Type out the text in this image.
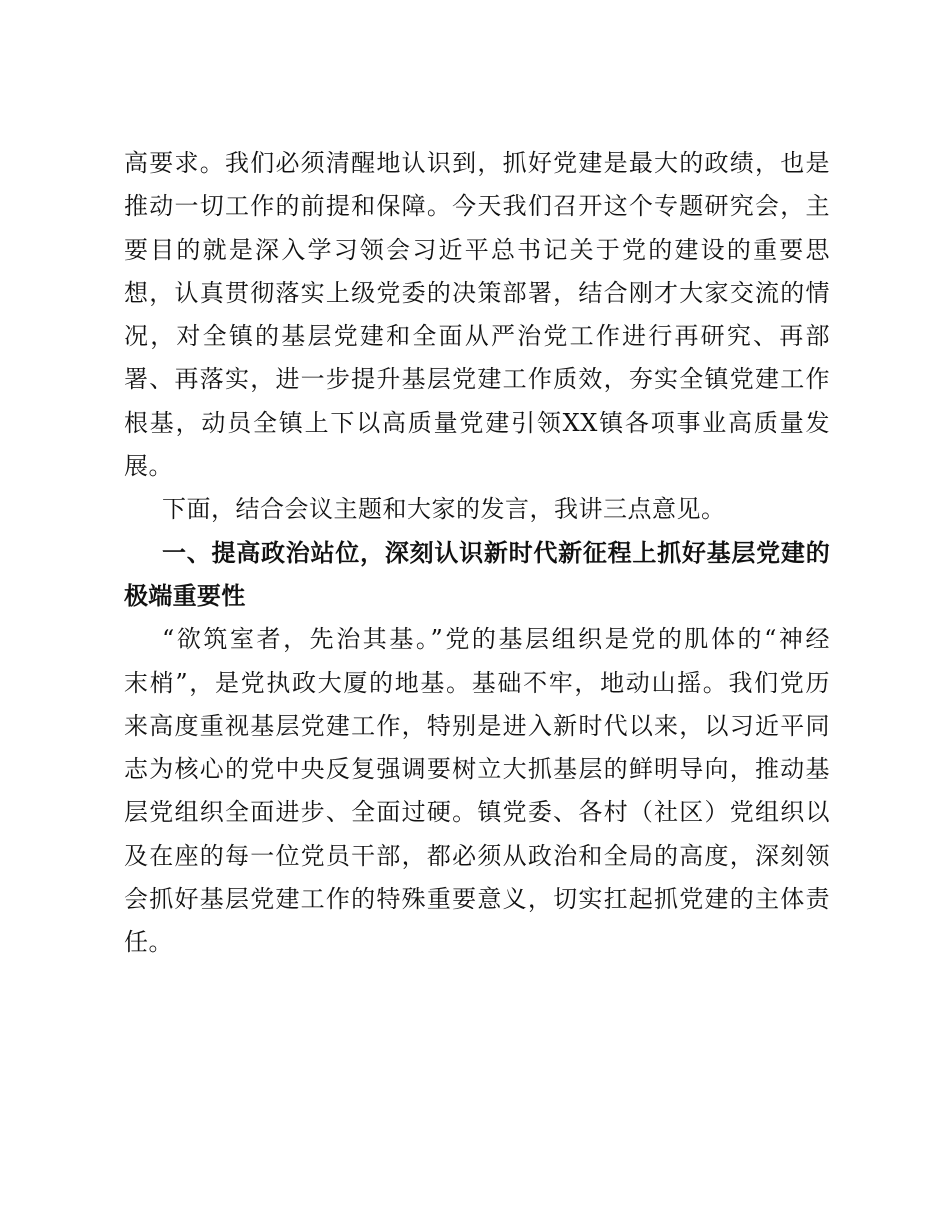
高要求。我们必须清醒地认识到，抓好党建是最大的政绩，也是
推动一切工作的前提和保障。今天我们召开这个专题研究会，主
要目的就是深入学习领会习近平总书记关于党的建设的重要思
想，认真贯彻落实上级党委的决策部署，结合刚才大家交流的情
况，对全镇的基层党建和全面从严治党工作进行再研究、再部
署、再落实，进一步提升基层党建工作质效，夯实全镇党建工作
根基，动员全镇上下以高质量党建引领XX镇各项事业高质量发
展。
下面，结合会议主题和大家的发言，我讲三点意见。
一、提高政治站位，深刻认识新时代新征程上抓好基层党建的
极端重要性
“欲筑室者，先治其基。”党的基层组织是党的肌体的“神经
末梢”，是党执政大厦的地基。基础不牢，地动山摇。我们党历
来高度重视基层党建工作，特别是进入新时代以来，以习近平同
志为核心的党中央反复强调要树立大抓基层的鲜明导向，推动基
层党组织全面进步、全面过硬。镇党委、各村（社区）党组织以
及在座的每一位党员干部，都必须从政治和全局的高度，深刻领
会抓好基层党建工作的特殊重要意义，切实扛起抓党建的主体责
任。
